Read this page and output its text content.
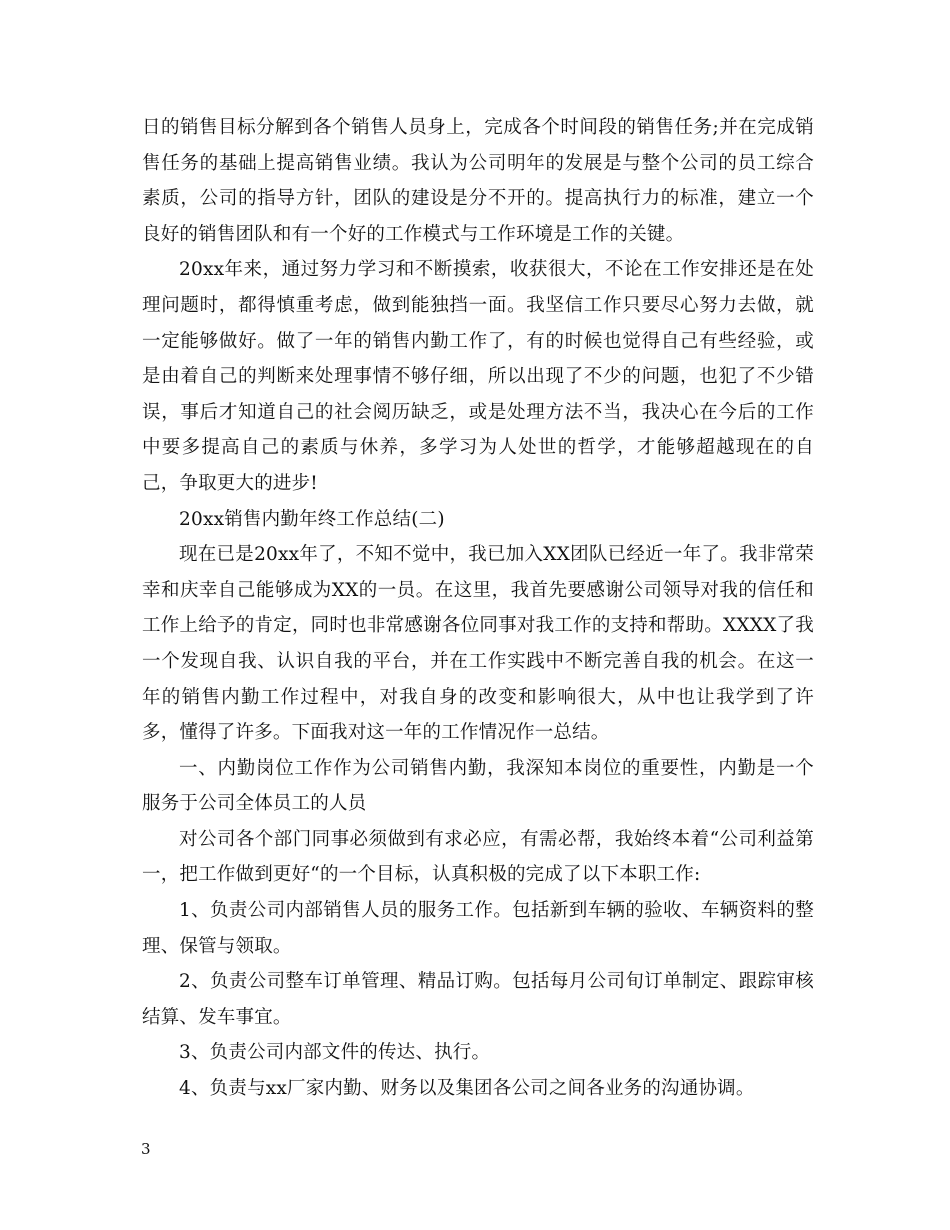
日的销售目标分解到各个销售人员身上，完成各个时间段的销售任务;并在完成销售任务的基础上提高销售业绩。我认为公司明年的发展是与整个公司的员工综合素质，公司的指导方针，团队的建设是分不开的。提高执行力的标准，建立一个良好的销售团队和有一个好的工作模式与工作环境是工作的关键。

20xx年来，通过努力学习和不断摸索，收获很大，不论在工作安排还是在处理问题时，都得慎重考虑，做到能独挡一面。我坚信工作只要尽心努力去做，就一定能够做好。做了一年的销售内勤工作了，有的时候也觉得自己有些经验，或是由着自己的判断来处理事情不够仔细，所以出现了不少的问题，也犯了不少错误，事后才知道自己的社会阅历缺乏，或是处理方法不当，我决心在今后的工作中要多提高自己的素质与休养，多学习为人处世的哲学，才能够超越现在的自己，争取更大的进步!

20xx销售内勤年终工作总结(二)

现在已是20xx年了，不知不觉中，我已加入XX团队已经近一年了。我非常荣幸和庆幸自己能够成为XX的一员。在这里，我首先要感谢公司领导对我的信任和工作上给予的肯定，同时也非常感谢各位同事对我工作的支持和帮助。XXXX了我一个发现自我、认识自我的平台，并在工作实践中不断完善自我的机会。在这一年的销售内勤工作过程中，对我自身的改变和影响很大，从中也让我学到了许多，懂得了许多。下面我对这一年的工作情况作一总结。

一、内勤岗位工作作为公司销售内勤，我深知本岗位的重要性，内勤是一个服务于公司全体员工的人员

对公司各个部门同事必须做到有求必应，有需必帮，我始终本着“公司利益第一，把工作做到更好“的一个目标，认真积极的完成了以下本职工作:

1、负责公司内部销售人员的服务工作。包括新到车辆的验收、车辆资料的整理、保管与领取。

2、负责公司整车订单管理、精品订购。包括每月公司旬订单制定、跟踪审核结算、发车事宜。

3、负责公司内部文件的传达、执行。

4、负责与xx厂家内勤、财务以及集团各公司之间各业务的沟通协调。

3
